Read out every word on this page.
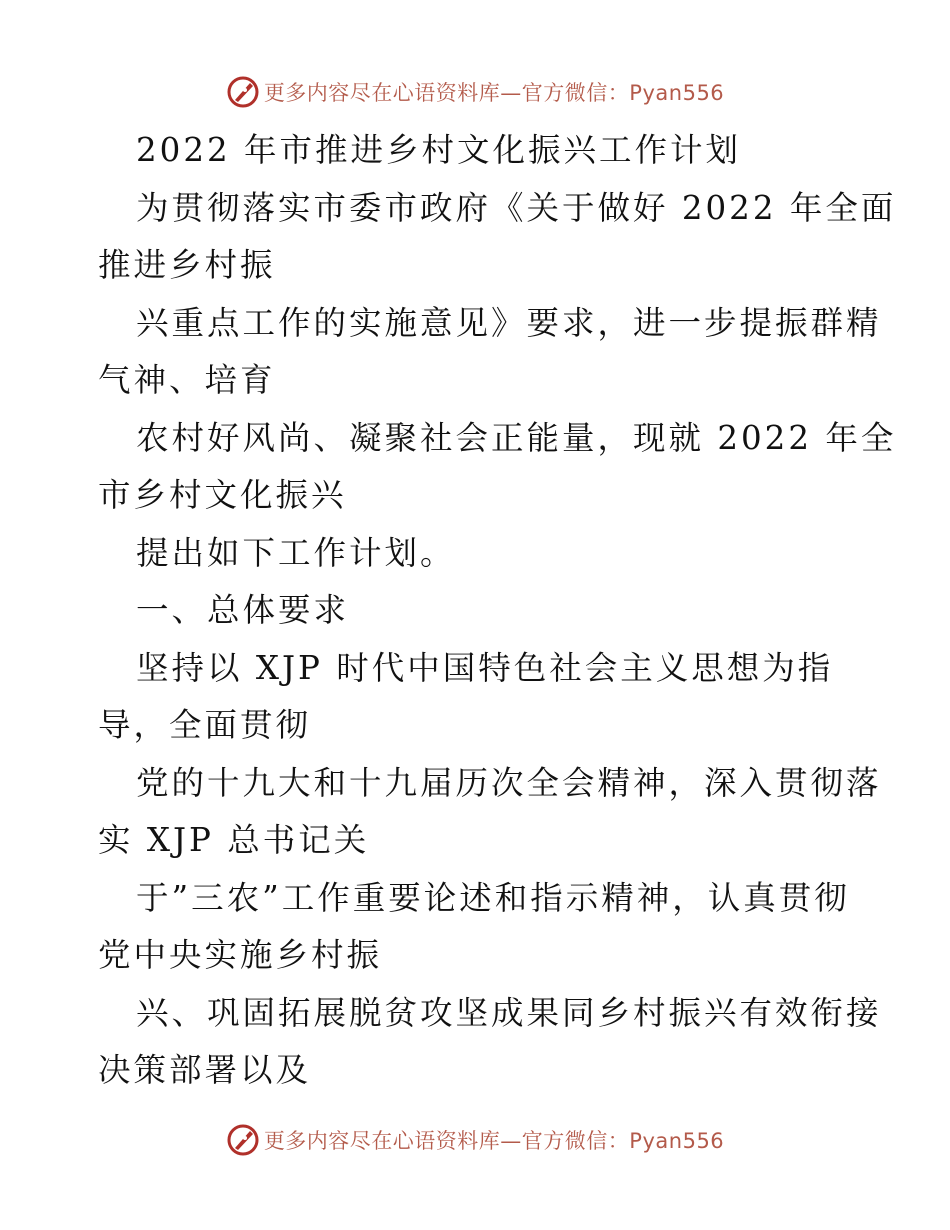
更多内容尽在心语资料库—官方微信：Pyan556
2022 年市推进乡村文化振兴工作计划
为贯彻落实市委市政府《关于做好 2022 年全面
推进乡村振
兴重点工作的实施意见》要求，进一步提振群精
气神、培育
农村好风尚、凝聚社会正能量，现就 2022 年全
市乡村文化振兴
提出如下工作计划。
一、总体要求
坚持以 XJP 时代中国特色社会主义思想为指
导，全面贯彻
党的十九大和十九届历次全会精神，深入贯彻落
实 XJP 总书记关
于”三农”工作重要论述和指示精神，认真贯彻
党中央实施乡村振
兴、巩固拓展脱贫攻坚成果同乡村振兴有效衔接
决策部署以及
更多内容尽在心语资料库—官方微信：Pyan556
